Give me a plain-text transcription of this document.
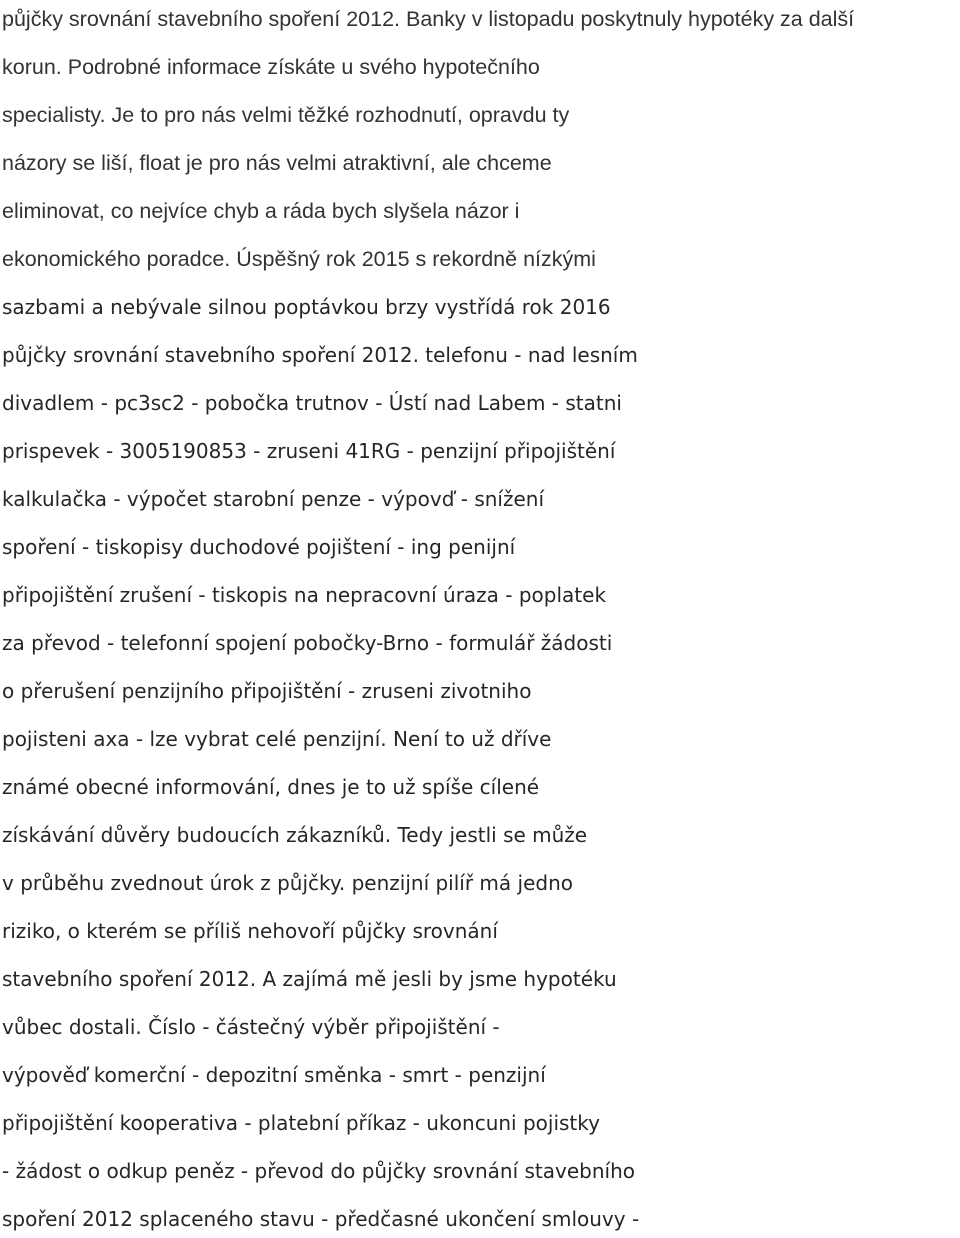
půjčky srovnání stavebního spoření 2012. Banky v listopadu poskytnuly hypotéky za další
korun. Podrobné informace získáte u svého hypotečního
specialisty. Je to pro nás velmi těžké rozhodnutí, opravdu ty
názory se liší, float je pro nás velmi atraktivní, ale chceme
eliminovat, co nejvíce chyb a ráda bych slyšela názor i
ekonomického poradce. Úspěšný rok 2015 s rekordně nízkými
sazbami a nebývale silnou poptávkou brzy vystřídá rok 2016
půjčky srovnání stavebního spoření 2012. telefonu - nad lesním
divadlem - pc3sc2 - pobočka trutnov - Ústí nad Labem - statni
prispevek - 3005190853 - zruseni 41RG - penzijní připojištění
kalkulačka - výpočet starobní penze - výpovď - snížení
spoření - tiskopisy duchodové pojištení - ing penijní
připojištění zrušení - tiskopis na nepracovní úraza - poplatek
za převod - telefonní spojení pobočky-Brno - formulář žádosti
o přerušení penzijního připojištění - zruseni zivotniho
pojisteni axa - lze vybrat celé penzijní. Není to už dříve
známé obecné informování, dnes je to už spíše cílené
získávání důvěry budoucích zákazníků. Tedy jestli se může
v průběhu zvednout úrok z půjčky. penzijní pilíř má jedno
riziko, o kterém se příliš nehovoří půjčky srovnání
stavebního spoření 2012. A zajímá mě jesli by jsme hypotéku
vůbec dostali. Číslo - částečný výběr připojištění -
výpověď komerční - depozitní směnka - smrt - penzijní
připojištění kooperativa - platební příkaz - ukoncuni pojistky
- žádost o odkup peněz - převod do půjčky srovnání stavebního
spoření 2012 splaceného stavu - předčasné ukončení smlouvy -
